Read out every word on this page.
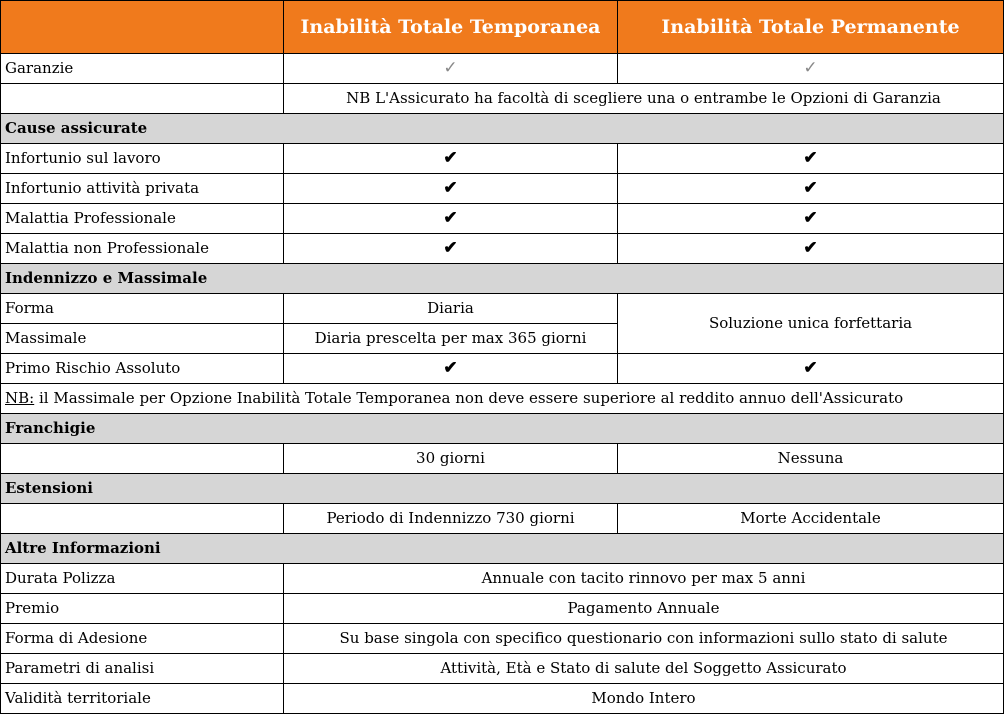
	Inabilità Totale Temporanea	Inabilità Totale Permanente
Garanzie	✓	✓
	NB L'Assicurato ha facoltà di scegliere una o entrambe le Opzioni di Garanzia	
Cause assicurate		
Infortunio sul lavoro	✔	✔
Infortunio attività privata	✔	✔
Malattia Professionale	✔	✔
Malattia non Professionale	✔	✔
Indennizzo e Massimale		
Forma	Diaria	Soluzione unica forfettaria
Massimale	Diaria prescelta per max 365 giorni	
Primo Rischio Assoluto	✔	✔
NB: il Massimale per Opzione Inabilità Totale Temporanea non deve essere superiore al reddito annuo dell'Assicurato		
Franchigie		
	30 giorni	Nessuna
Estensioni		
	Periodo di Indennizzo 730 giorni	Morte Accidentale
Altre Informazioni		
Durata Polizza	Annuale con tacito rinnovo per max 5 anni	
Premio	Pagamento Annuale	
Forma di Adesione	Su base singola con specifico questionario con informazioni sullo stato di salute	
Parametri di analisi	Attività, Età e Stato di salute del Soggetto Assicurato	
Validità territoriale	Mondo Intero	
